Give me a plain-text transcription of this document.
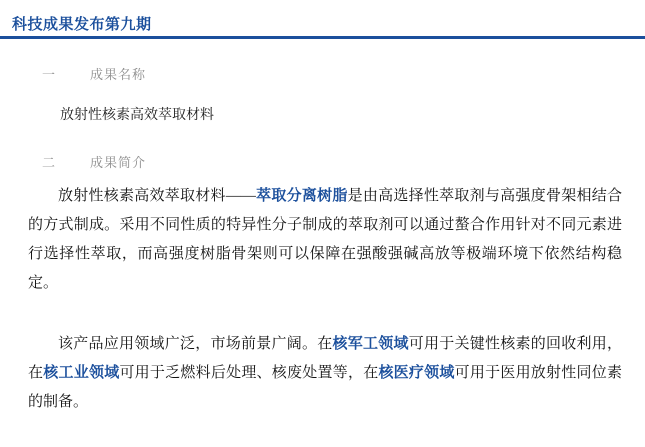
科技成果发布第九期
一	成果名称
放射性核素高效萃取材料
二	成果简介
放射性核素高效萃取材料——萃取分离树脂是由高选择性萃取剂与高强度骨架相结合的方式制成。采用不同性质的特异性分子制成的萃取剂可以通过螯合作用针对不同元素进行选择性萃取，而高强度树脂骨架则可以保障在强酸强碱高放等极端环境下依然结构稳定。
该产品应用领域广泛，市场前景广阔。在核军工领域可用于关键性核素的回收利用，在核工业领域可用于乏燃料后处理、核废处置等，在核医疗领域可用于医用放射性同位素的制备。
